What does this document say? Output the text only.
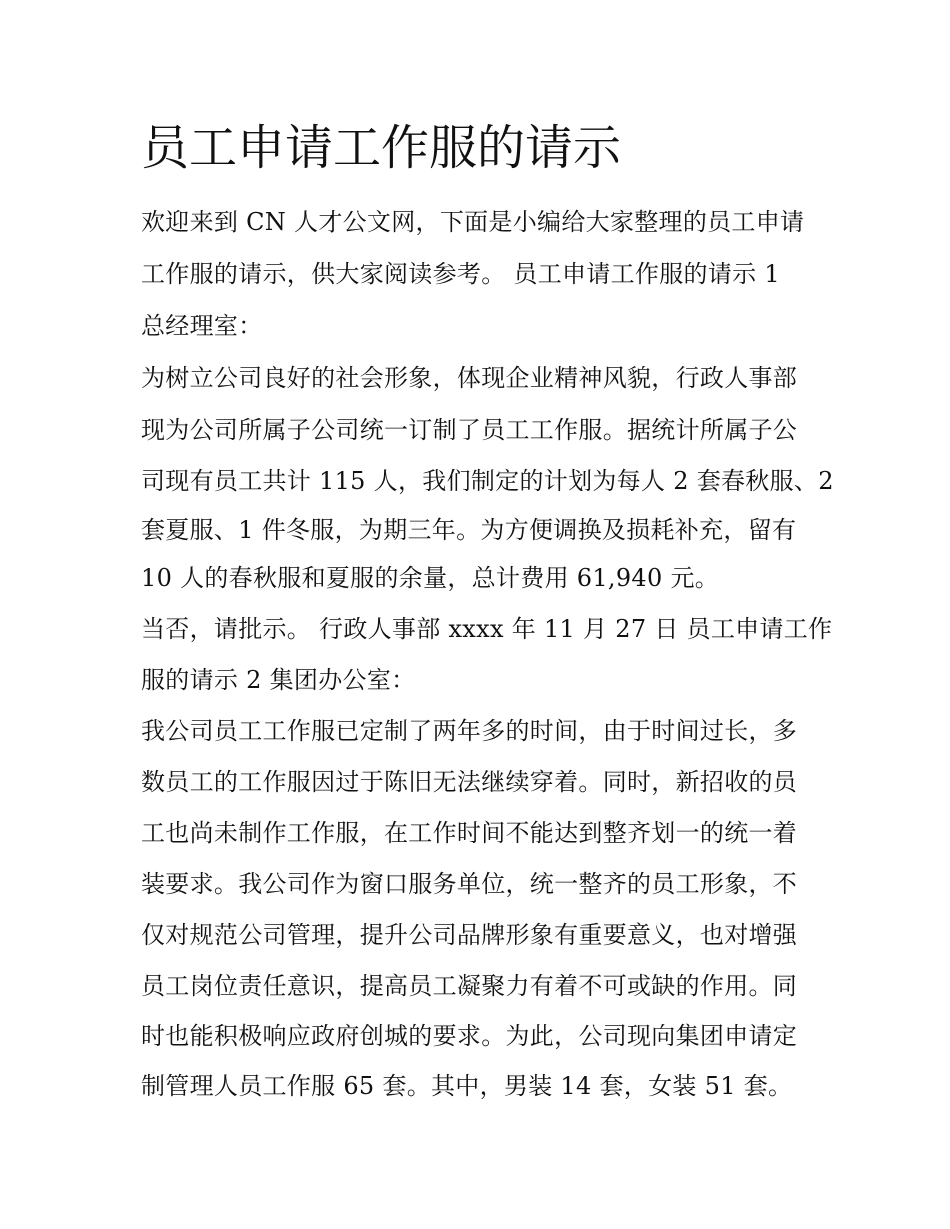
员工申请工作服的请示
欢迎来到 CN 人才公文网，下面是小编给大家整理的员工申请
工作服的请示，供大家阅读参考。 员工申请工作服的请示 1
总经理室：
为树立公司良好的社会形象，体现企业精神风貌，行政人事部
现为公司所属子公司统一订制了员工工作服。据统计所属子公
司现有员工共计 115 人，我们制定的计划为每人 2 套春秋服、2
套夏服、1 件冬服，为期三年。为方便调换及损耗补充，留有
10 人的春秋服和夏服的余量，总计费用 61,940 元。
当否，请批示。 行政人事部 xxxx 年 11 月 27 日 员工申请工作
服的请示 2 集团办公室：
我公司员工工作服已定制了两年多的时间，由于时间过长，多
数员工的工作服因过于陈旧无法继续穿着。同时，新招收的员
工也尚未制作工作服，在工作时间不能达到整齐划一的统一着
装要求。我公司作为窗口服务单位，统一整齐的员工形象，不
仅对规范公司管理，提升公司品牌形象有重要意义，也对增强
员工岗位责任意识，提高员工凝聚力有着不可或缺的作用。同
时也能积极响应政府创城的要求。为此，公司现向集团申请定
制管理人员工作服 65 套。其中，男装 14 套，女装 51 套。
